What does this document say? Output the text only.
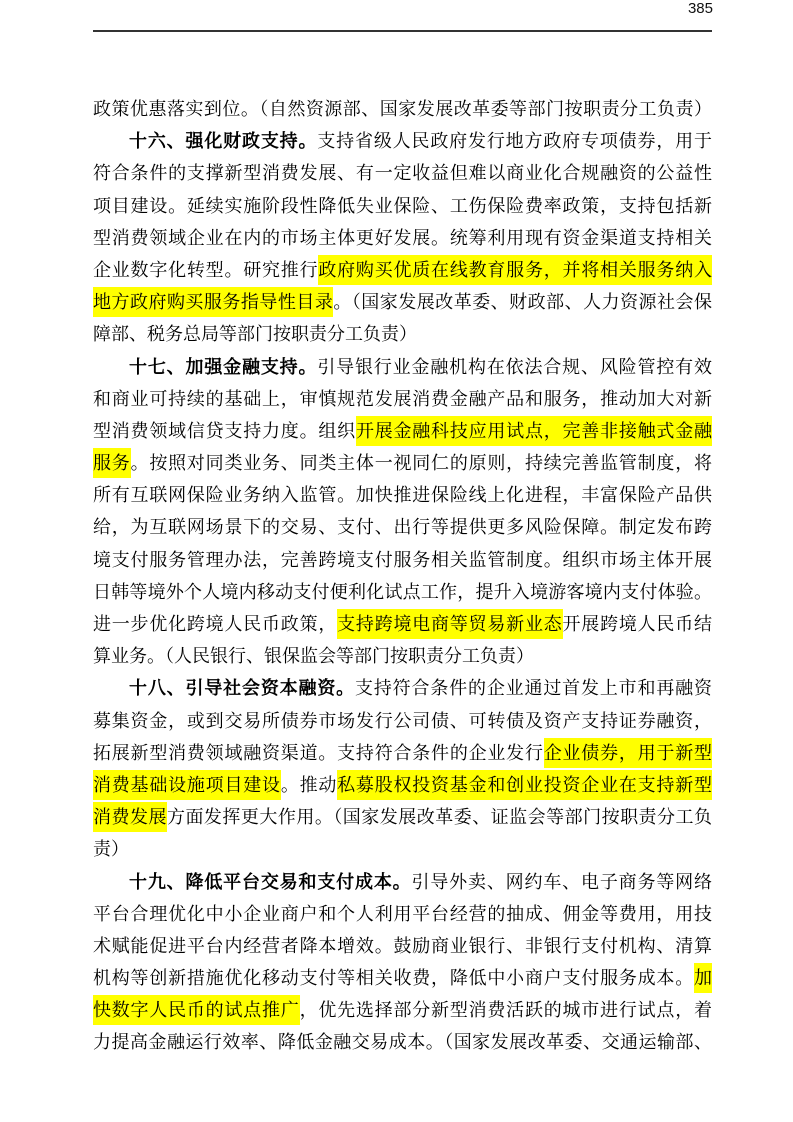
385
政策优惠落实到位。（自然资源部、国家发展改革委等部门按职责分工负责）
十六、强化财政支持。支持省级人民政府发行地方政府专项债券，用于
符合条件的支撑新型消费发展、有一定收益但难以商业化合规融资的公益性
项目建设。延续实施阶段性降低失业保险、工伤保险费率政策，支持包括新
型消费领域企业在内的市场主体更好发展。统筹利用现有资金渠道支持相关
企业数字化转型。研究推行政府购买优质在线教育服务，并将相关服务纳入
地方政府购买服务指导性目录。（国家发展改革委、财政部、人力资源社会保
障部、税务总局等部门按职责分工负责）
十七、加强金融支持。引导银行业金融机构在依法合规、风险管控有效
和商业可持续的基础上，审慎规范发展消费金融产品和服务，推动加大对新
型消费领域信贷支持力度。组织开展金融科技应用试点，完善非接触式金融
服务。按照对同类业务、同类主体一视同仁的原则，持续完善监管制度，将
所有互联网保险业务纳入监管。加快推进保险线上化进程，丰富保险产品供
给，为互联网场景下的交易、支付、出行等提供更多风险保障。制定发布跨
境支付服务管理办法，完善跨境支付服务相关监管制度。组织市场主体开展
日韩等境外个人境内移动支付便利化试点工作，提升入境游客境内支付体验。
进一步优化跨境人民币政策，支持跨境电商等贸易新业态开展跨境人民币结
算业务。（人民银行、银保监会等部门按职责分工负责）
十八、引导社会资本融资。支持符合条件的企业通过首发上市和再融资
募集资金，或到交易所债券市场发行公司债、可转债及资产支持证券融资，
拓展新型消费领域融资渠道。支持符合条件的企业发行企业债券，用于新型
消费基础设施项目建设。推动私募股权投资基金和创业投资企业在支持新型
消费发展方面发挥更大作用。（国家发展改革委、证监会等部门按职责分工负
责）
十九、降低平台交易和支付成本。引导外卖、网约车、电子商务等网络
平台合理优化中小企业商户和个人利用平台经营的抽成、佣金等费用，用技
术赋能促进平台内经营者降本增效。鼓励商业银行、非银行支付机构、清算
机构等创新措施优化移动支付等相关收费，降低中小商户支付服务成本。加
快数字人民币的试点推广，优先选择部分新型消费活跃的城市进行试点，着
力提高金融运行效率、降低金融交易成本。（国家发展改革委、交通运输部、
